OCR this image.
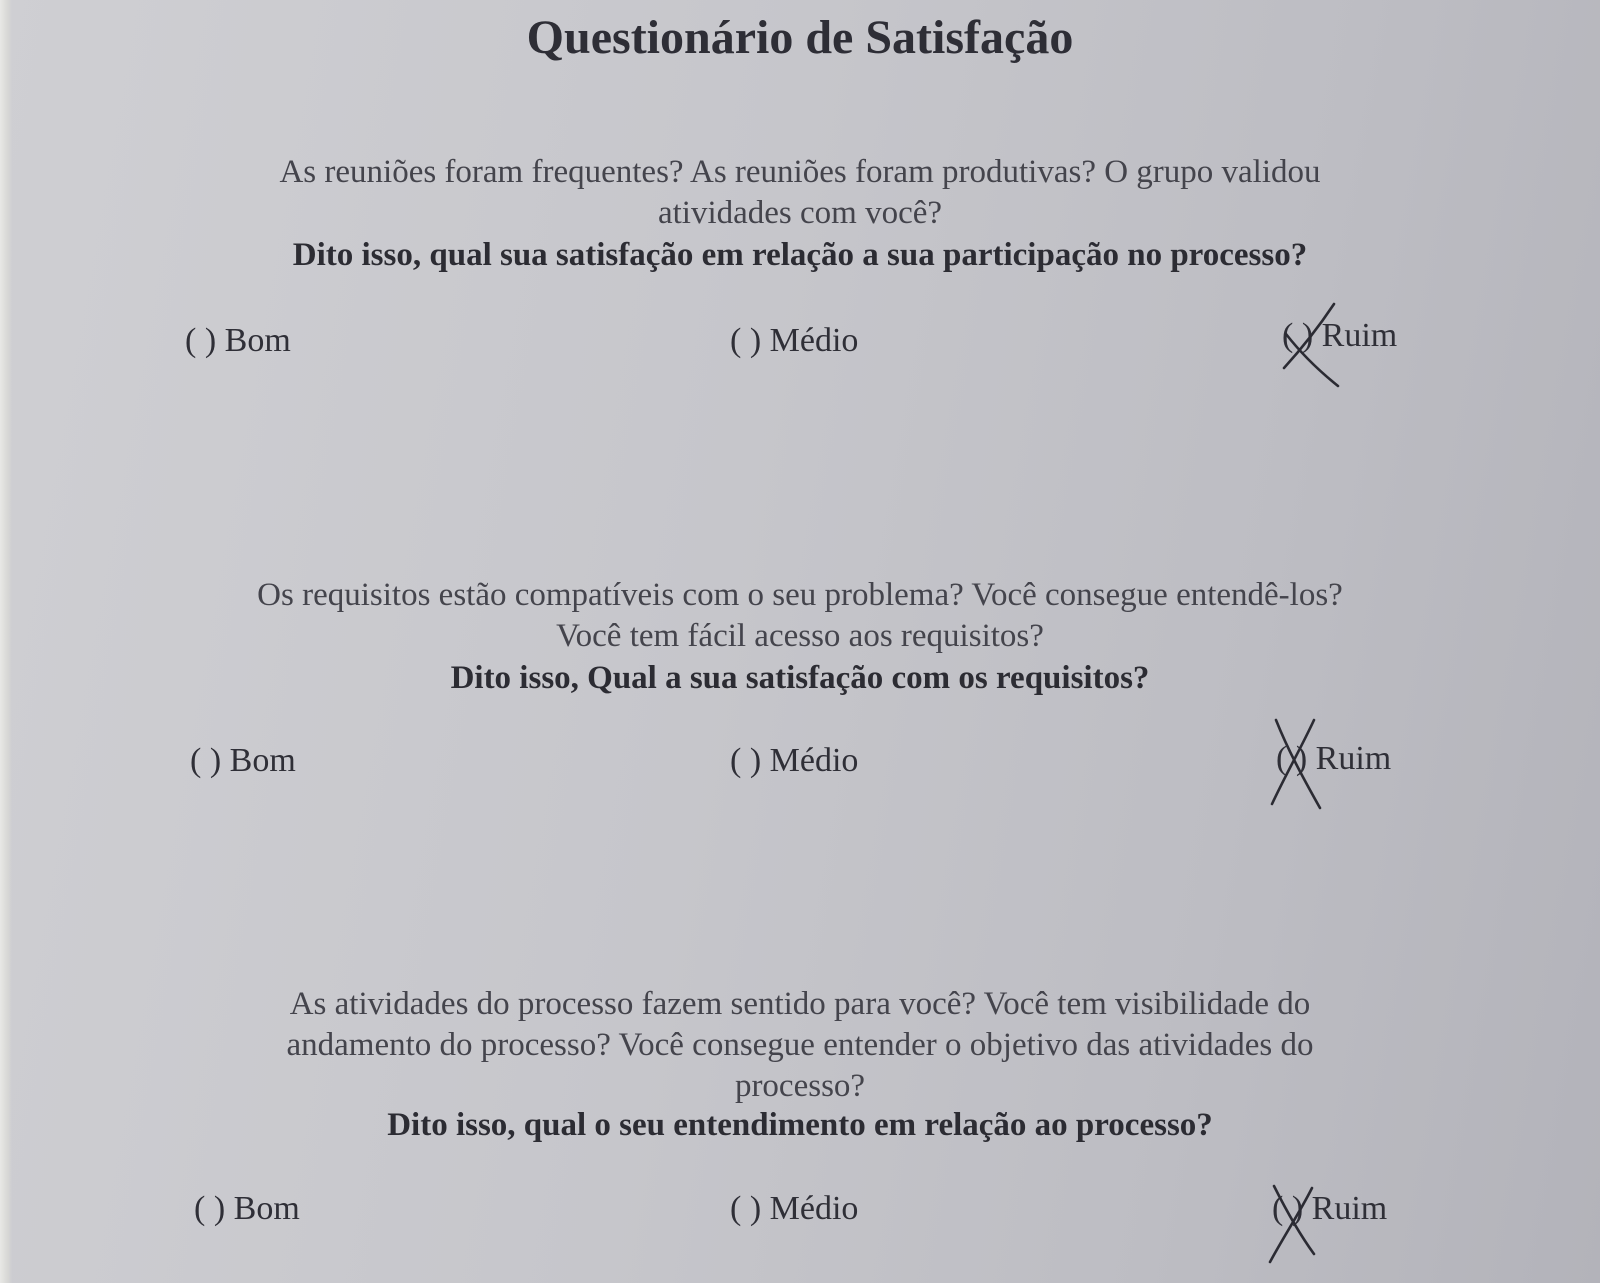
Questionário de Satisfação
As reuniões foram frequentes? As reuniões foram produtivas? O grupo validou
atividades com você?
Dito isso, qual sua satisfação em relação a sua participação no processo?
( ) Bom	( ) Médio	( ) Ruim
Os requisitos estão compatíveis com o seu problema? Você consegue entendê-los?
Você tem fácil acesso aos requisitos?
Dito isso, Qual a sua satisfação com os requisitos?
( ) Bom	( ) Médio	( ) Ruim
As atividades do processo fazem sentido para você? Você tem visibilidade do
andamento do processo? Você consegue entender o objetivo das atividades do
processo?
Dito isso, qual o seu entendimento em relação ao processo?
( ) Bom	( ) Médio	( ) Ruim
